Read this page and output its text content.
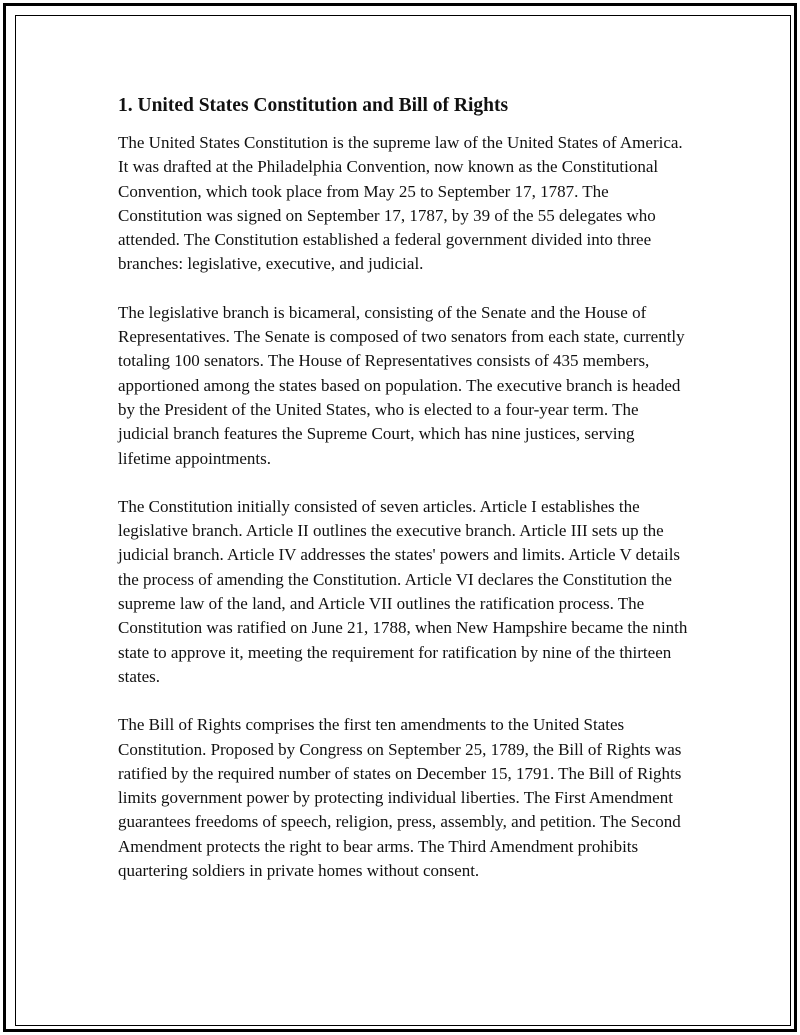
1. United States Constitution and Bill of Rights

The United States Constitution is the supreme law of the United States of America. It was drafted at the Philadelphia Convention, now known as the Constitutional Convention, which took place from May 25 to September 17, 1787. The Constitution was signed on September 17, 1787, by 39 of the 55 delegates who attended. The Constitution established a federal government divided into three branches: legislative, executive, and judicial.

The legislative branch is bicameral, consisting of the Senate and the House of Representatives. The Senate is composed of two senators from each state, currently totaling 100 senators. The House of Representatives consists of 435 members, apportioned among the states based on population. The executive branch is headed by the President of the United States, who is elected to a four-year term. The judicial branch features the Supreme Court, which has nine justices, serving lifetime appointments.

The Constitution initially consisted of seven articles. Article I establishes the legislative branch. Article II outlines the executive branch. Article III sets up the judicial branch. Article IV addresses the states' powers and limits. Article V details the process of amending the Constitution. Article VI declares the Constitution the supreme law of the land, and Article VII outlines the ratification process. The Constitution was ratified on June 21, 1788, when New Hampshire became the ninth state to approve it, meeting the requirement for ratification by nine of the thirteen states.

The Bill of Rights comprises the first ten amendments to the United States Constitution. Proposed by Congress on September 25, 1789, the Bill of Rights was ratified by the required number of states on December 15, 1791. The Bill of Rights limits government power by protecting individual liberties. The First Amendment guarantees freedoms of speech, religion, press, assembly, and petition. The Second Amendment protects the right to bear arms. The Third Amendment prohibits quartering soldiers in private homes without consent.
